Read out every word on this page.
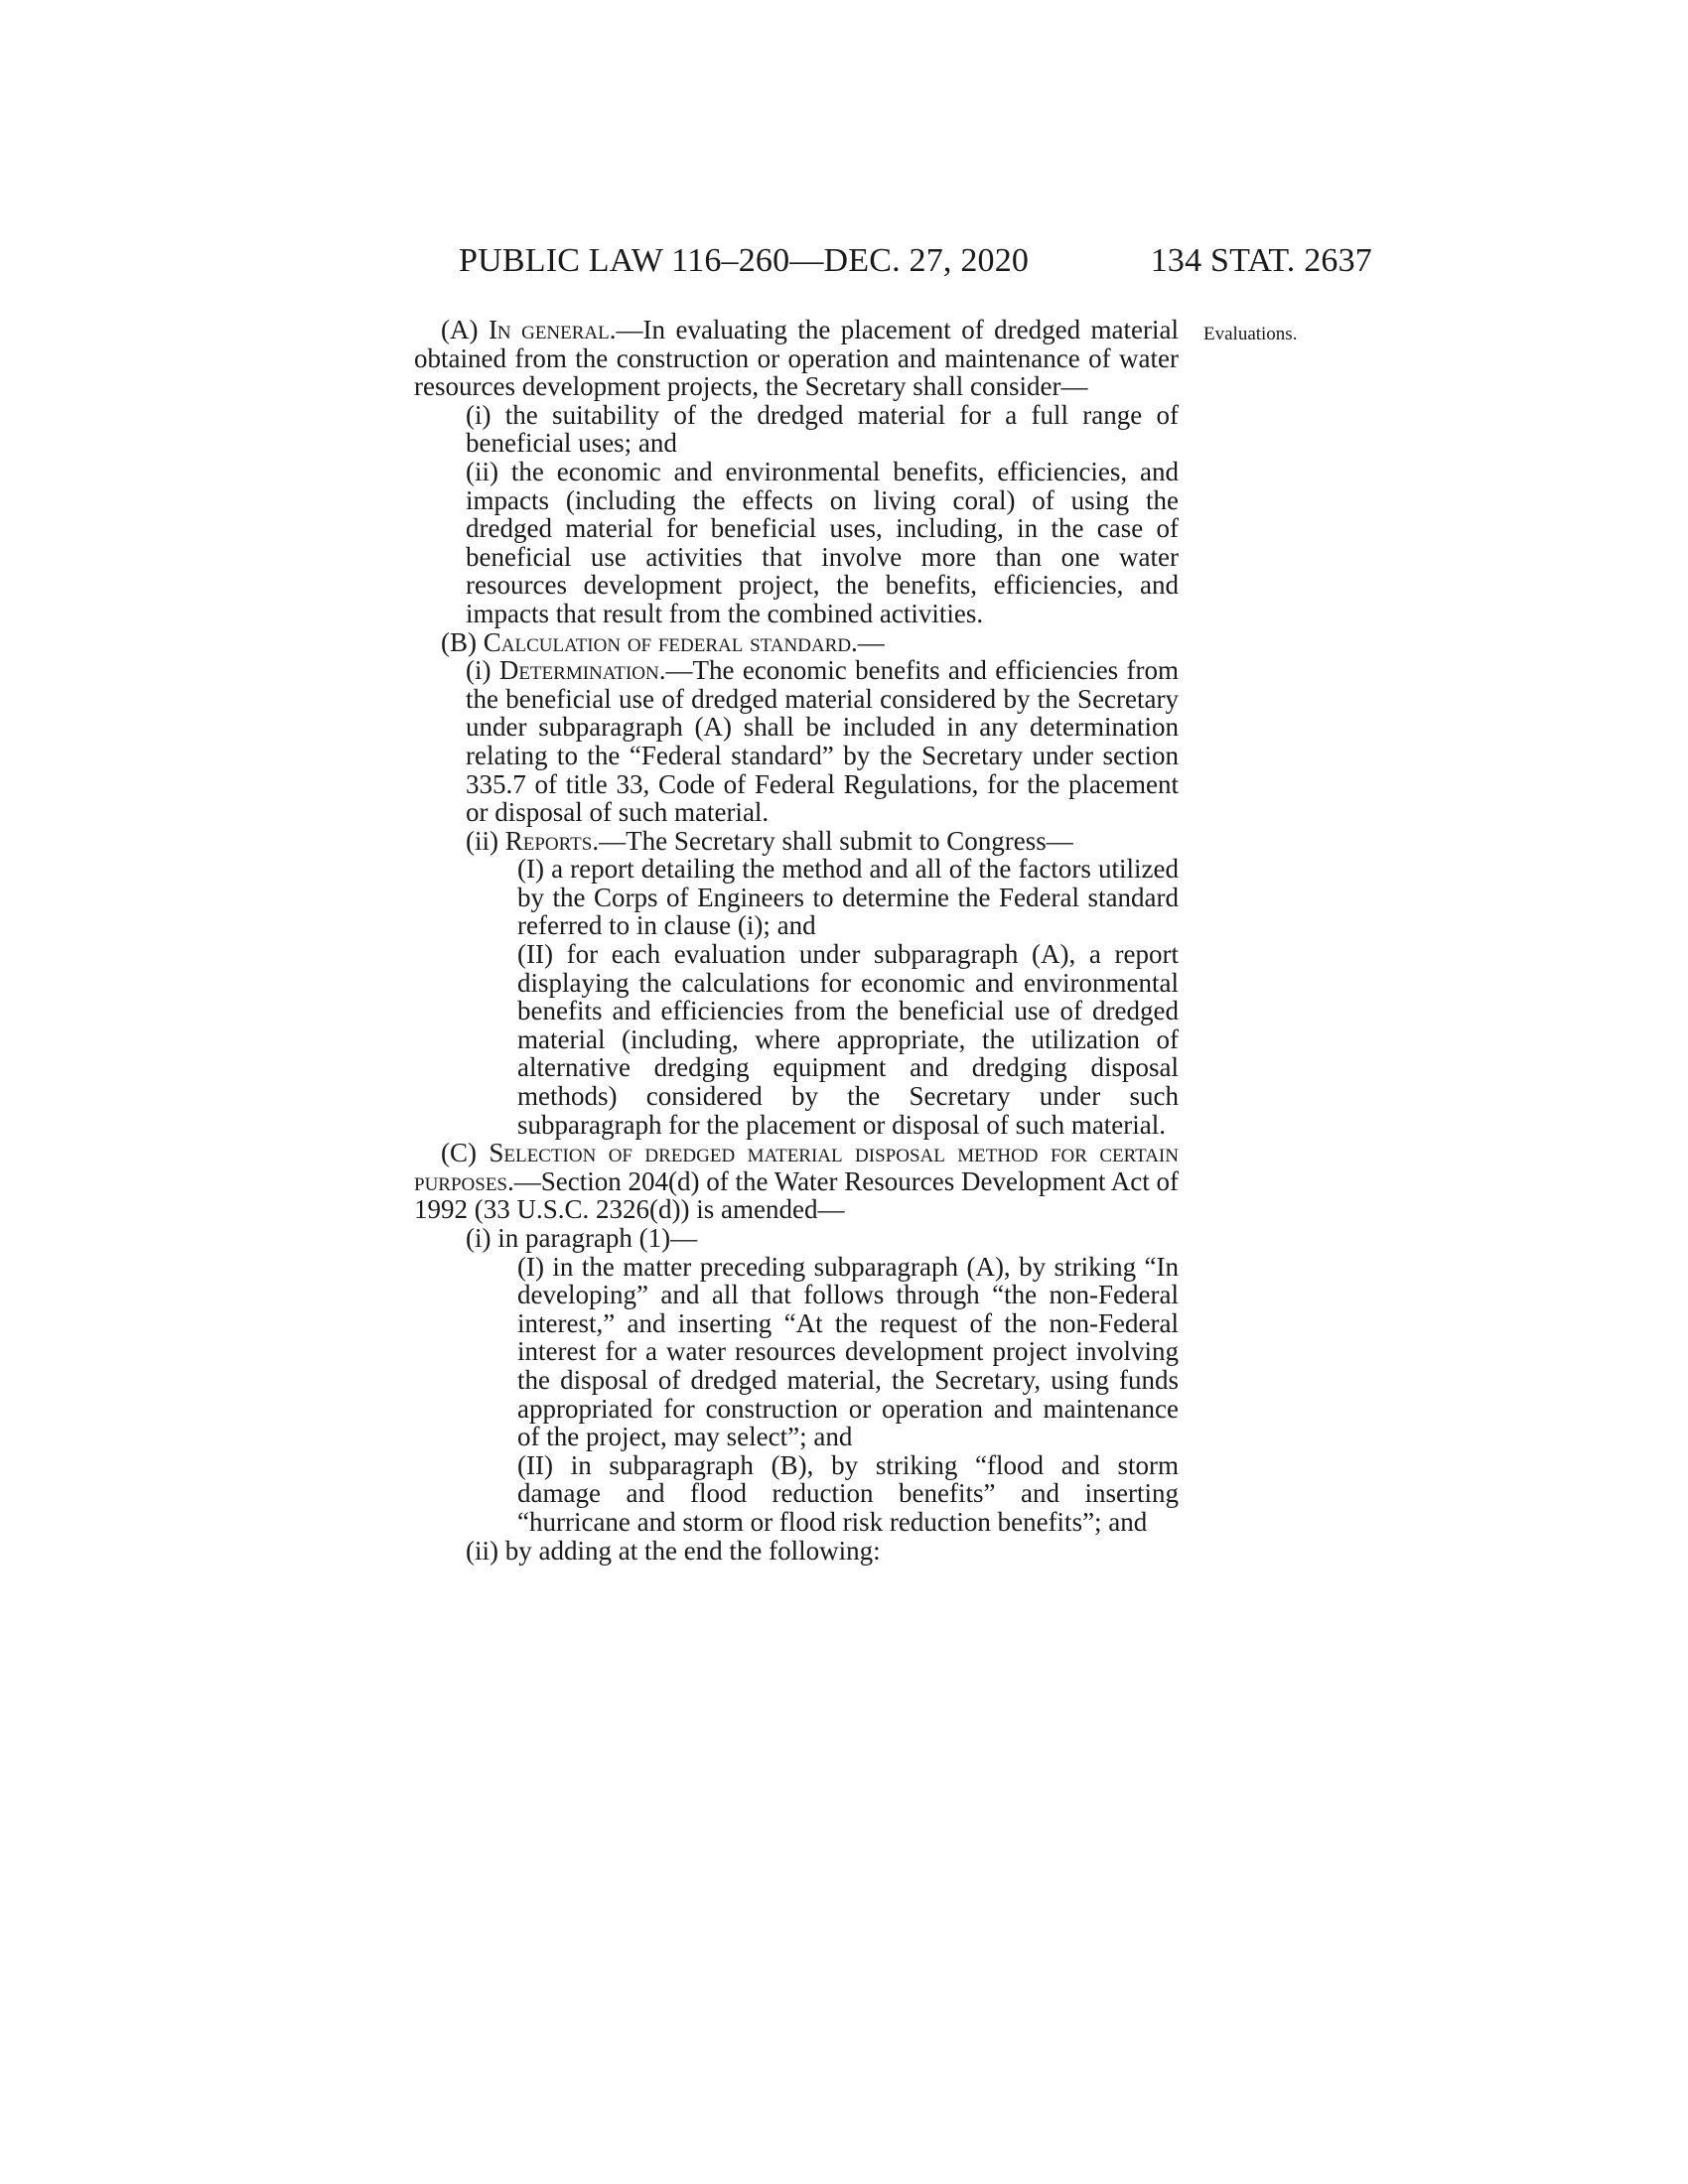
PUBLIC LAW 116–260—DEC. 27, 2020	134 STAT. 2637
Evaluations.

(A) In general.—In evaluating the placement of dredged material obtained from the construction or operation and maintenance of water resources development projects, the Secretary shall consider—

(i) the suitability of the dredged material for a full range of beneficial uses; and

(ii) the economic and environmental benefits, efficiencies, and impacts (including the effects on living coral) of using the dredged material for beneficial uses, including, in the case of beneficial use activities that involve more than one water resources development project, the benefits, efficiencies, and impacts that result from the combined activities.

(B) Calculation of federal standard.—

(i) Determination.—The economic benefits and efficiencies from the beneficial use of dredged material considered by the Secretary under subparagraph (A) shall be included in any determination relating to the “Federal standard” by the Secretary under section 335.7 of title 33, Code of Federal Regulations, for the placement or disposal of such material.

(ii) Reports.—The Secretary shall submit to Congress—

(I) a report detailing the method and all of the factors utilized by the Corps of Engineers to determine the Federal standard referred to in clause (i); and

(II) for each evaluation under subparagraph (A), a report displaying the calculations for economic and environmental benefits and efficiencies from the beneficial use of dredged material (including, where appropriate, the utilization of alternative dredging equipment and dredging disposal methods) considered by the Secretary under such subparagraph for the placement or disposal of such material.

(C) Selection of dredged material disposal method for certain purposes.—Section 204(d) of the Water Resources Development Act of 1992 (33 U.S.C. 2326(d)) is amended—

(i) in paragraph (1)—

(I) in the matter preceding subparagraph (A), by striking “In developing” and all that follows through “the non-Federal interest,” and inserting “At the request of the non-Federal interest for a water resources development project involving the disposal of dredged material, the Secretary, using funds appropriated for construction or operation and maintenance of the project, may select”; and

(II) in subparagraph (B), by striking “flood and storm damage and flood reduction benefits” and inserting “hurricane and storm or flood risk reduction benefits”; and

(ii) by adding at the end the following:
